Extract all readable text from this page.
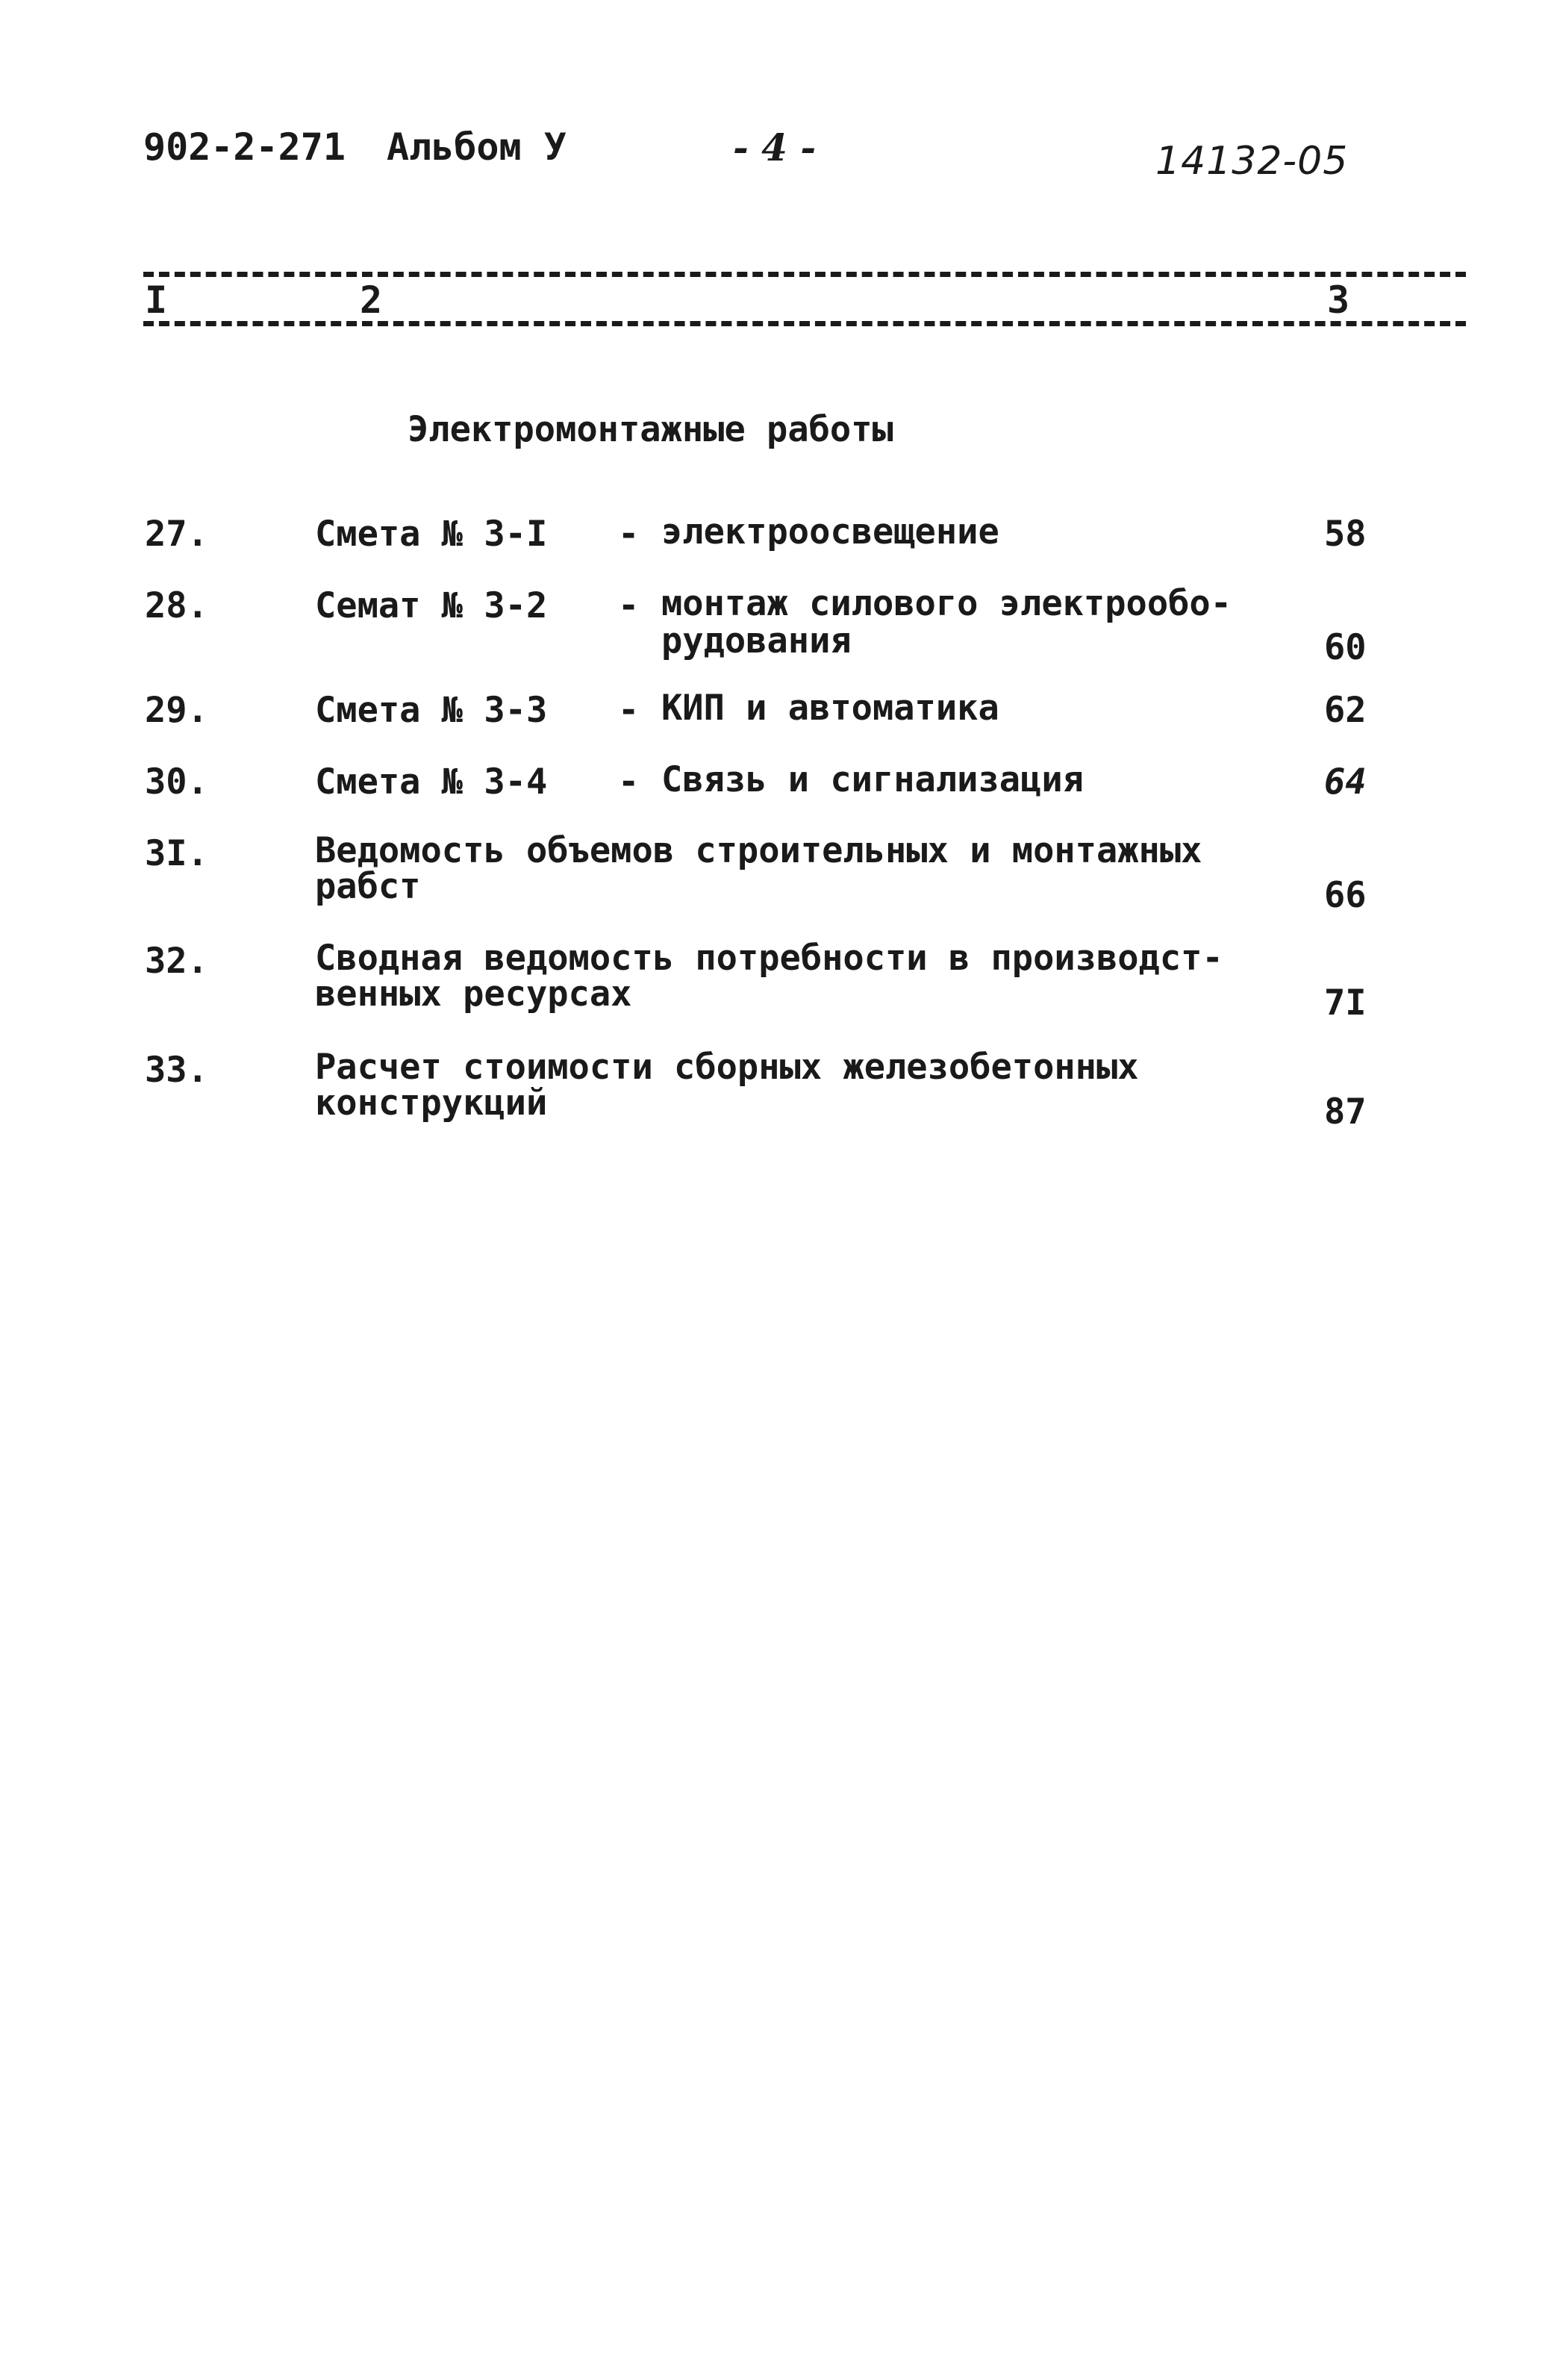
902-2-271 Альбом У	- 4 -	14132-05
I	2	3
Электромонтажные работы
27.	Смета № 3-I - электроосвещение	58
28.	Семат № 3-2 - монтаж силового электрообо-
рудования	60
29.	Смета № 3-3 - КИП и автоматика	62
30.	Смета № 3-4 - Связь и сигнализация	64
3I.	Ведомость объемов строительных и монтажных
рабст	66
32.	Сводная ведомость потребности в производст-
венных ресурсах	7I
33.	Расчет стоимости сборных железобетонных
конструкций	87
